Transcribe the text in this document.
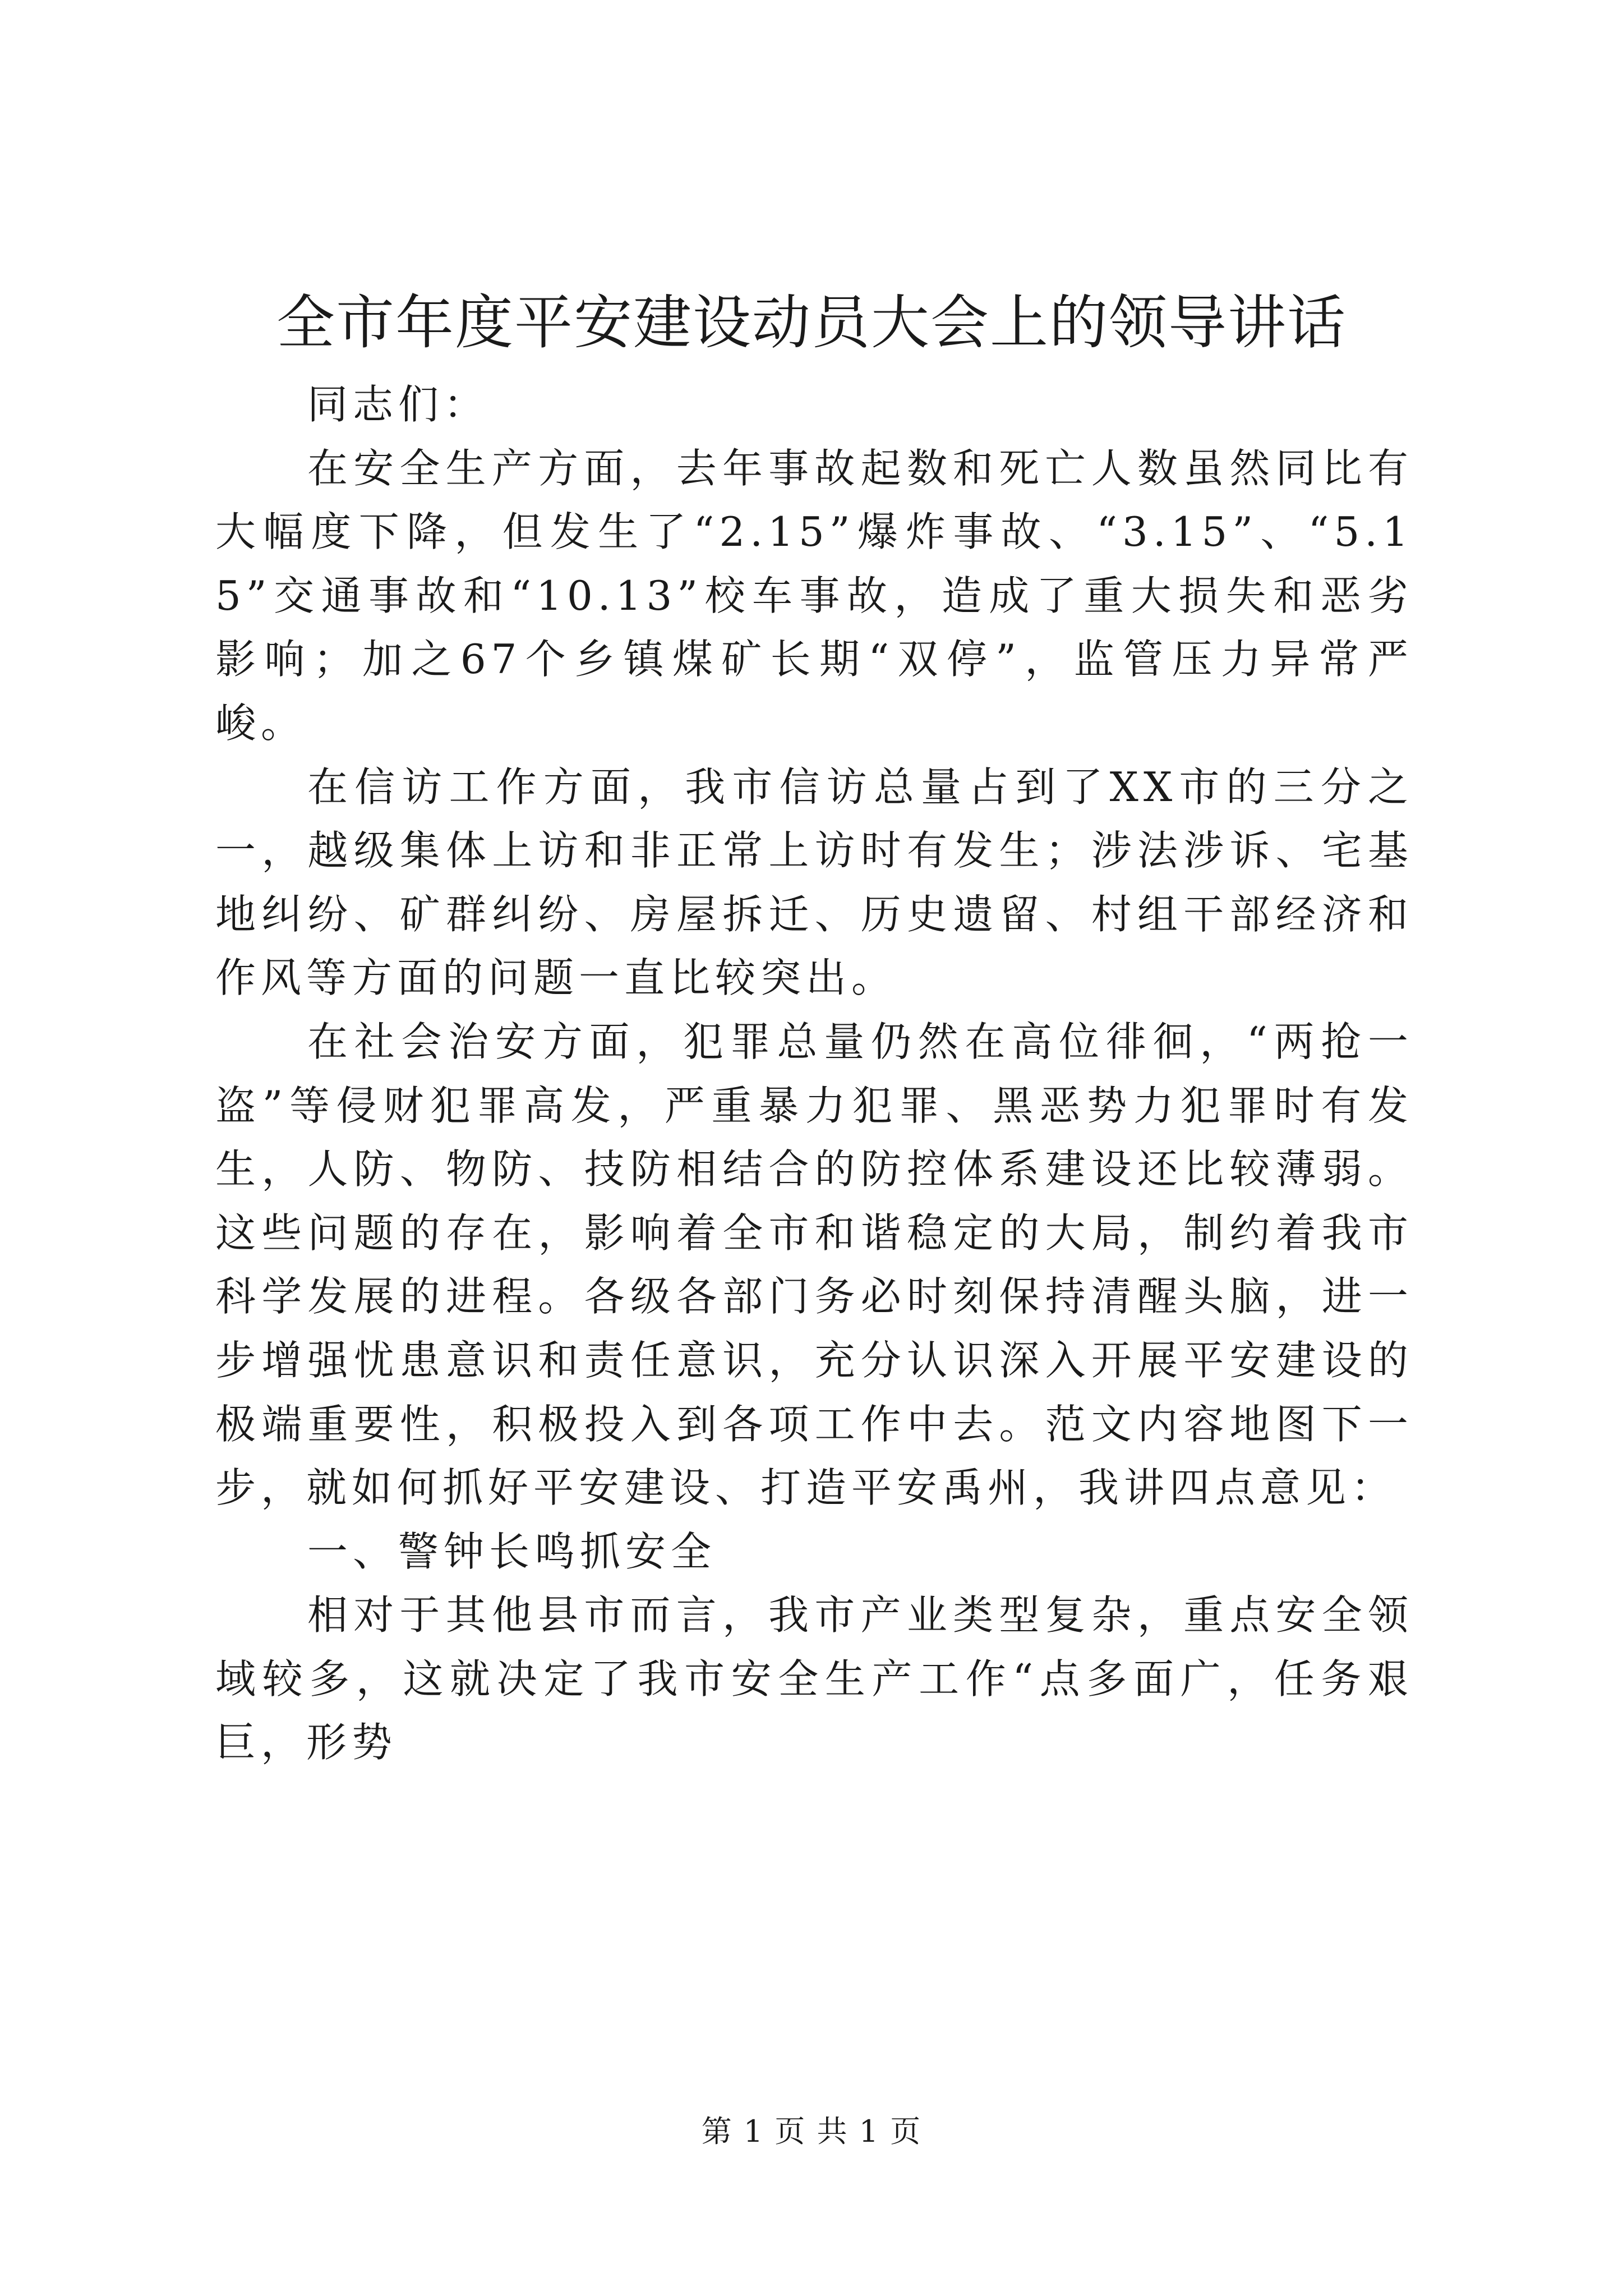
全市年度平安建设动员大会上的领导讲话

同志们：

在安全生产方面，去年事故起数和死亡人数虽然同比有大幅度下降，但发生了“2.15”爆炸事故、“3.15”、“5.15”交通事故和“10.13”校车事故，造成了重大损失和恶劣影响；加之67个乡镇煤矿长期“双停”，监管压力异常严峻。

在信访工作方面，我市信访总量占到了XX市的三分之一，越级集体上访和非正常上访时有发生；涉法涉诉、宅基地纠纷、矿群纠纷、房屋拆迁、历史遗留、村组干部经济和作风等方面的问题一直比较突出。

在社会治安方面，犯罪总量仍然在高位徘徊，“两抢一盗”等侵财犯罪高发，严重暴力犯罪、黑恶势力犯罪时有发生，人防、物防、技防相结合的防控体系建设还比较薄弱。这些问题的存在，影响着全市和谐稳定的大局，制约着我市科学发展的进程。各级各部门务必时刻保持清醒头脑，进一步增强忧患意识和责任意识，充分认识深入开展平安建设的极端重要性，积极投入到各项工作中去。范文内容地图下一步，就如何抓好平安建设、打造平安禹州，我讲四点意见：

一、警钟长鸣抓安全

相对于其他县市而言，我市产业类型复杂，重点安全领域较多，这就决定了我市安全生产工作“点多面广，任务艰巨，形势

第 1 页 共 1 页
